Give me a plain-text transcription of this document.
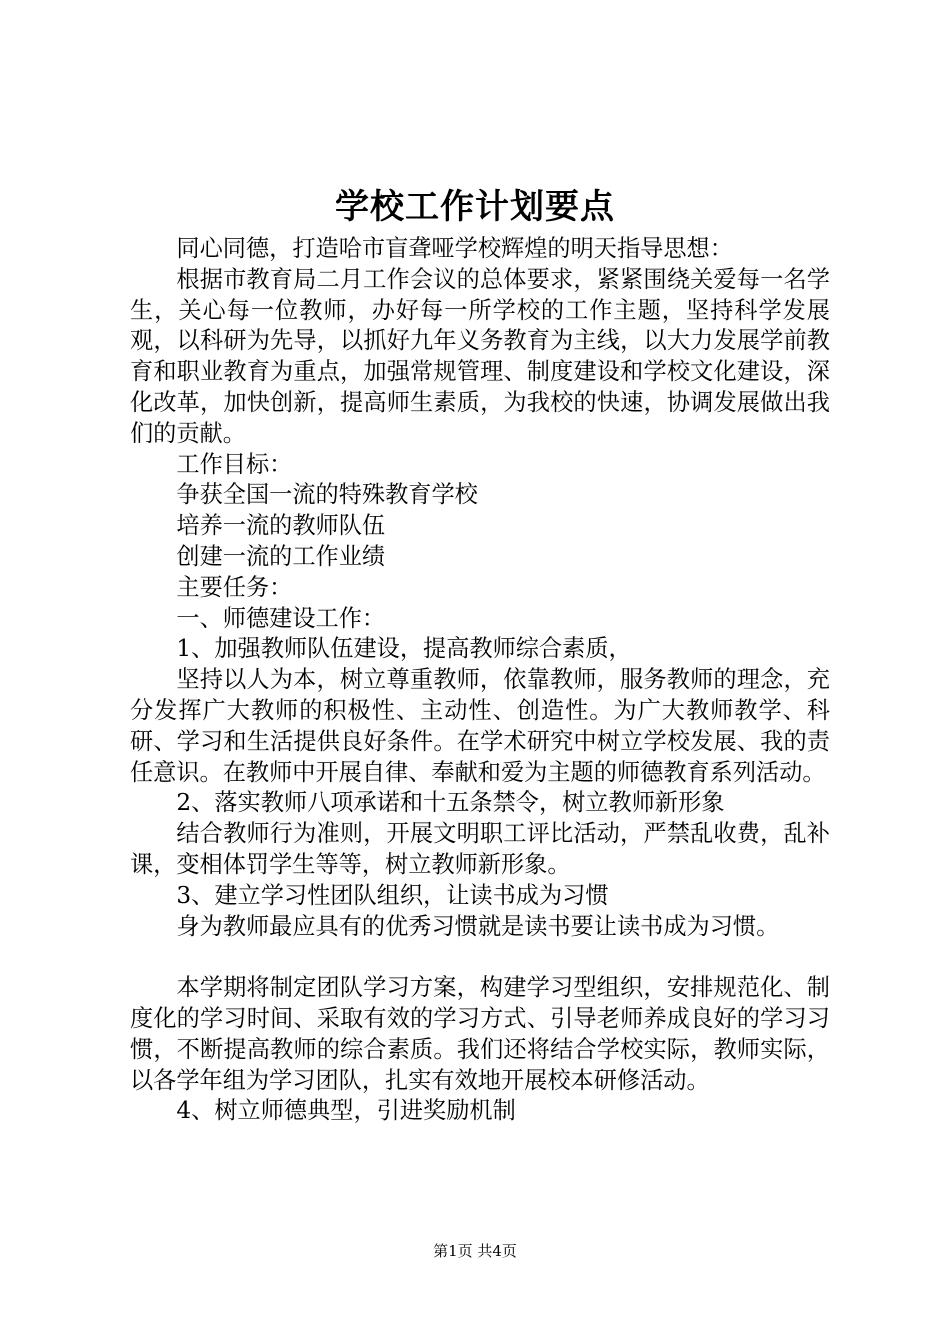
学校工作计划要点

同心同德，打造哈市盲聋哑学校辉煌的明天指导思想：

根据市教育局二月工作会议的总体要求，紧紧围绕关爱每一名学生，关心每一位教师，办好每一所学校的工作主题，坚持科学发展观，以科研为先导，以抓好九年义务教育为主线，以大力发展学前教育和职业教育为重点，加强常规管理、制度建设和学校文化建设，深化改革，加快创新，提高师生素质，为我校的快速，协调发展做出我们的贡献。

工作目标：

争获全国一流的特殊教育学校

培养一流的教师队伍

创建一流的工作业绩

主要任务：

一、师德建设工作：

1、加强教师队伍建设，提高教师综合素质，

坚持以人为本，树立尊重教师，依靠教师，服务教师的理念，充分发挥广大教师的积极性、主动性、创造性。为广大教师教学、科研、学习和生活提供良好条件。在学术研究中树立学校发展、我的责任意识。在教师中开展自律、奉献和爱为主题的师德教育系列活动。

2、落实教师八项承诺和十五条禁令，树立教师新形象

结合教师行为准则，开展文明职工评比活动，严禁乱收费，乱补课，变相体罚学生等等，树立教师新形象。

3、建立学习性团队组织，让读书成为习惯

身为教师最应具有的优秀习惯就是读书要让读书成为习惯。

本学期将制定团队学习方案，构建学习型组织，安排规范化、制度化的学习时间、采取有效的学习方式、引导老师养成良好的学习习惯，不断提高教师的综合素质。我们还将结合学校实际，教师实际，以各学年组为学习团队，扎实有效地开展校本研修活动。

4、树立师德典型，引进奖励机制

第1页 共4页
